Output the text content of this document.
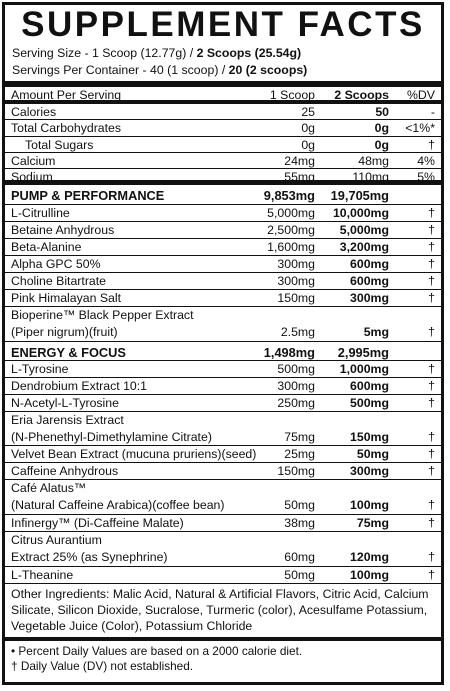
SUPPLEMENT FACTS
Serving Size - 1 Scoop (12.77g) / 2 Scoops (25.54g)
Servings Per Container - 40 (1 scoop) / 20 (2 scoops)
Amount Per Serving	1 Scoop 2 Scoops %DV
Calories	25	50	-
Total Carbohydrates	0g	0g <1%*
Total Sugars	0g	0g	†
Calcium	24mg	48mg 4%
Sodium	55mg	110mg 5%
PUMP & PERFORMANCE	9,853mg 19,705mg
L-Citrulline	5,000mg 10,000mg	†
Betaine Anhydrous	2,500mg 5,000mg	†
Beta-Alanine	1,600mg 3,200mg	†
Alpha GPC 50%	300mg	600mg	†
Choline Bitartrate	300mg	600mg	†
Pink Himalayan Salt	150mg	300mg	†
Bioperine™ Black Pepper Extract
(Piper nigrum)(fruit)	2.5mg	5mg	†
ENERGY & FOCUS	1,498mg 2,995mg
L-Tyrosine	500mg 1,000mg	†
Dendrobium Extract 10:1	300mg	600mg	†
N-Acetyl-L-Tyrosine	250mg	500mg	†
Eria Jarensis Extract
(N-Phenethyl-Dimethylamine Citrate)	75mg	150mg	†
Velvet Bean Extract (mucuna pruriens)(seed) 25mg	50mg	†
Caffeine Anhydrous	150mg	300mg	†
Café Alatus™
(Natural Caffeine Arabica)(coffee bean)	50mg	100mg	†
Infinergy™ (Di-Caffeine Malate)	38mg	75mg	†
Citrus Aurantium
Extract 25% (as Synephrine)	60mg	120mg	†
L-Theanine	50mg	100mg	†
Other Ingredients: Malic Acid, Natural & Artificial Flavors, Citric Acid, Calcium Silicate, Silicon Dioxide, Sucralose, Turmeric (color), Acesulfame Potassium, Vegetable Juice (Color), Potassium Chloride
• Percent Daily Values are based on a 2000 calorie diet.
† Daily Value (DV) not established.
